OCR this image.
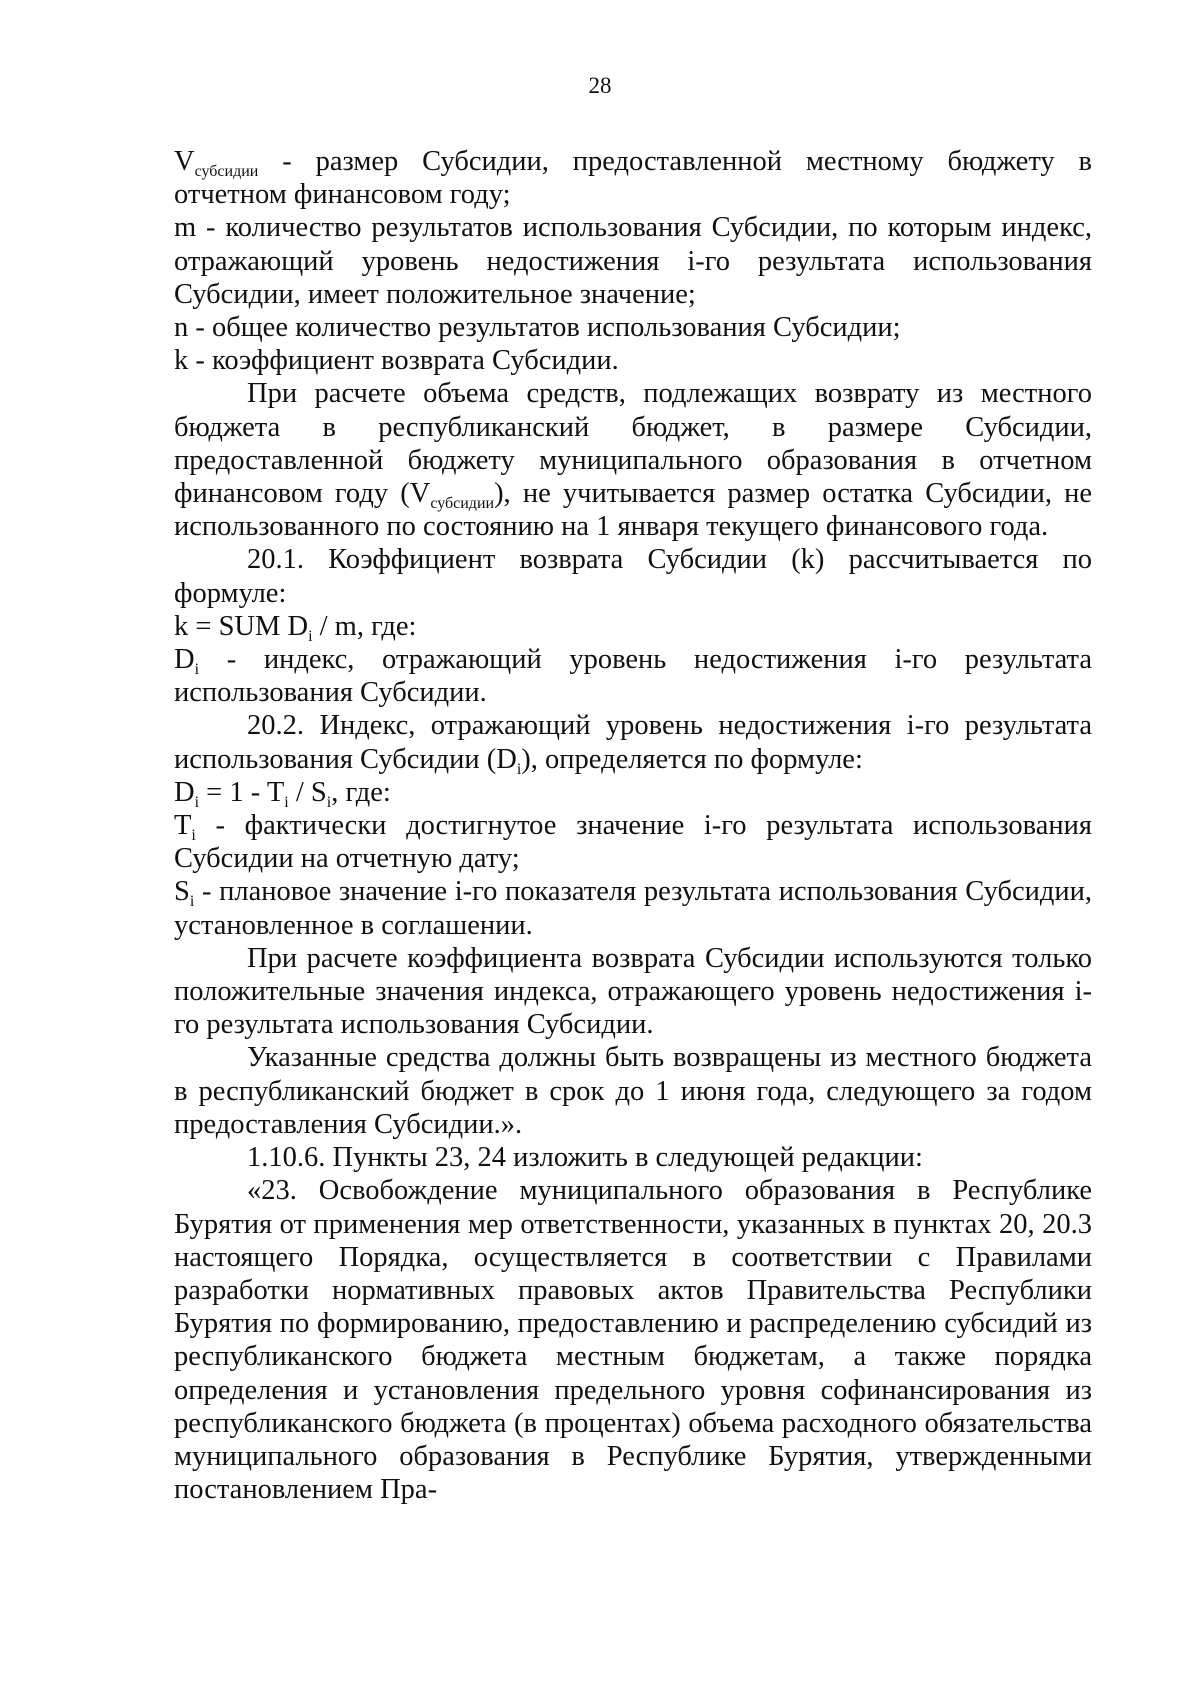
28

$V_{субсидии}$ - размер Субсидии, предоставленной местному бюджету в отчетном финансовом году;

m - количество результатов использования Субсидии, по которым индекс, отражающий уровень недостижения i-го результата использования Субсидии, имеет положительное значение;

n - общее количество результатов использования Субсидии;

k - коэффициент возврата Субсидии.

При расчете объема средств, подлежащих возврату из местного бюджета в республиканский бюджет, в размере Субсидии, предоставленной бюджету муниципального образования в отчетном финансовом году $(V_{субсидии})$, не учитывается размер остатка Субсидии, не использованного по состоянию на 1 января текущего финансового года.

20.1. Коэффициент возврата Субсидии (k) рассчитывается по формуле:

k = SUM $D_i$ / m, где:

$D_i$ - индекс, отражающий уровень недостижения i-го результата использования Субсидии.

20.2. Индекс, отражающий уровень недостижения i-го результата использования Субсидии $(D_i)$, определяется по формуле:

$D_i = 1 - T_i / S_i$, где:

$T_i$ - фактически достигнутое значение i-го результата использования Субсидии на отчетную дату;

$S_i$ - плановое значение i-го показателя результата использования Субсидии, установленное в соглашении.

При расчете коэффициента возврата Субсидии используются только положительные значения индекса, отражающего уровень недостижения i-го результата использования Субсидии.

Указанные средства должны быть возвращены из местного бюджета в республиканский бюджет в срок до 1 июня года, следующего за годом предоставления Субсидии.».

1.10.6. Пункты 23, 24 изложить в следующей редакции:

«23. Освобождение муниципального образования в Республике Бурятия от применения мер ответственности, указанных в пунктах 20, 20.3 настоящего Порядка, осуществляется в соответствии с Правилами разработки нормативных правовых актов Правительства Республики Бурятия по формированию, предоставлению и распределению субсидий из республиканского бюджета местным бюджетам, а также порядка определения и установления предельного уровня софинансирования из республиканского бюджета (в процентах) объема расходного обязательства муниципального образования в Республике Бурятия, утвержденными постановлением Пра-
